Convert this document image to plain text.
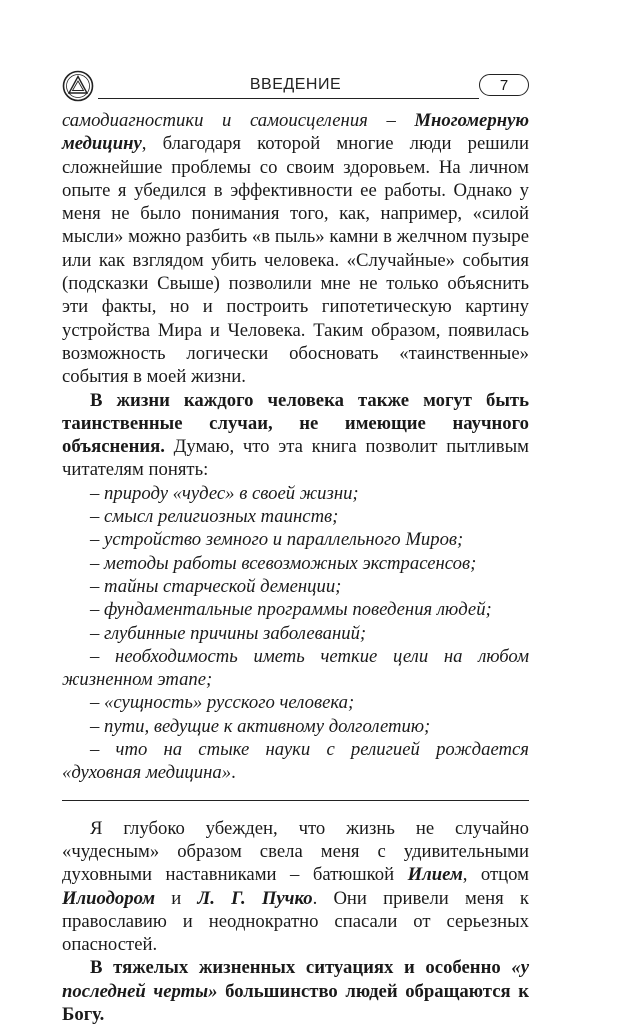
ВВЕДЕНИЕ	7

самодиагностики и самоисцеления – Многомерную медицину, благодаря которой многие люди решили сложнейшие проблемы со своим здоровьем. На личном опыте я убедился в эффективности ее работы. Однако у меня не было понимания того, как, например, «силой мысли» можно разбить «в пыль» камни в желчном пузыре или как взглядом убить человека. «Случайные» события (подсказки Свыше) позволили мне не только объяснить эти факты, но и построить гипотетическую картину устройства Мира и Человека. Таким образом, появилась возможность логически обосновать «таинственные» события в моей жизни.

В жизни каждого человека также могут быть таинственные случаи, не имеющие научного объяснения. Думаю, что эта книга позволит пытливым читателям понять:

– природу «чудес» в своей жизни;
– смысл религиозных таинств;
– устройство земного и параллельного Миров;
– методы работы всевозможных экстрасенсов;
– тайны старческой деменции;
– фундаментальные программы поведения людей;
– глубинные причины заболеваний;
– необходимость иметь четкие цели на любом жизненном этапе;
– «сущность» русского человека;
– пути, ведущие к активному долголетию;
– что на стыке науки с религией рождается «духовная медицина».

Я глубоко убежден, что жизнь не случайно «чудесным» образом свела меня с удивительными духовными наставниками – батюшкой Илием, отцом Илиодором и Л. Г. Пучко. Они привели меня к православию и неоднократно спасали от серьезных опасностей.

В тяжелых жизненных ситуациях и особенно «у последней черты» большинство людей обращаются к Богу.
